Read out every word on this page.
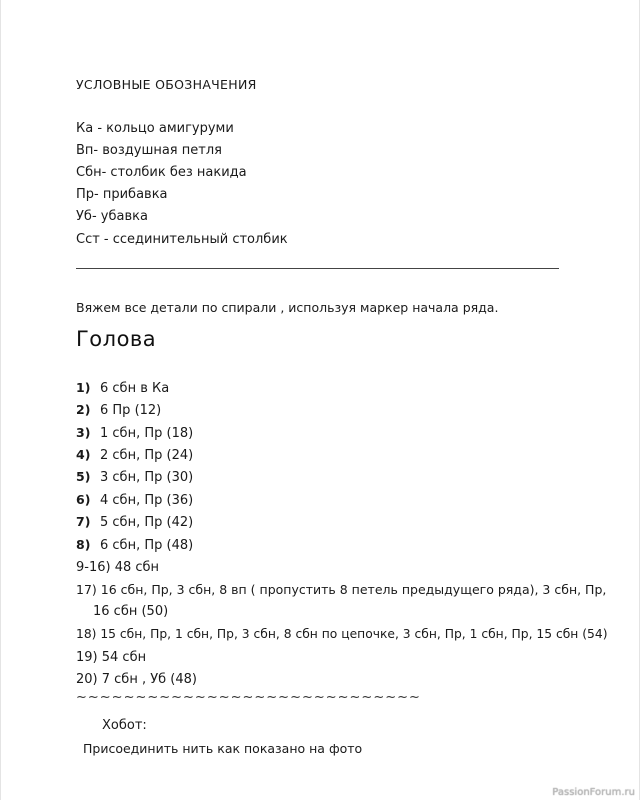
УСЛОВНЫЕ ОБОЗНАЧЕНИЯ
Ка - кольцо амигуруми
Вп- воздушная петля
Сбн- столбик без накида
Пр- прибавка
Уб- убавка
Сст - ссединительный столбик
Вяжем все детали по спирали , используя маркер начала ряда.
Голова
1) 6 сбн в Ка
2) 6 Пр (12)
3) 1 сбн, Пр (18)
4) 2 сбн, Пр (24)
5) 3 сбн, Пр (30)
6) 4 сбн, Пр (36)
7) 5 сбн, Пр (42)
8) 6 сбн, Пр (48)
9-16) 48 сбн
17) 16 сбн, Пр, 3 сбн, 8 вп ( пропустить 8 петель предыдущего ряда), 3 сбн, Пр,
16 сбн (50)
18) 15 сбн, Пр, 1 сбн, Пр, 3 сбн, 8 сбн по цепочке, 3 сбн, Пр, 1 сбн, Пр, 15 сбн (54)
19) 54 сбн
20) 7 сбн , Уб (48)
~~~~~~~~~~~~~~~~~~~~~~~~~~~~~
Хобот:
Присоединить нить как показано на фото
PassionForum.ru
